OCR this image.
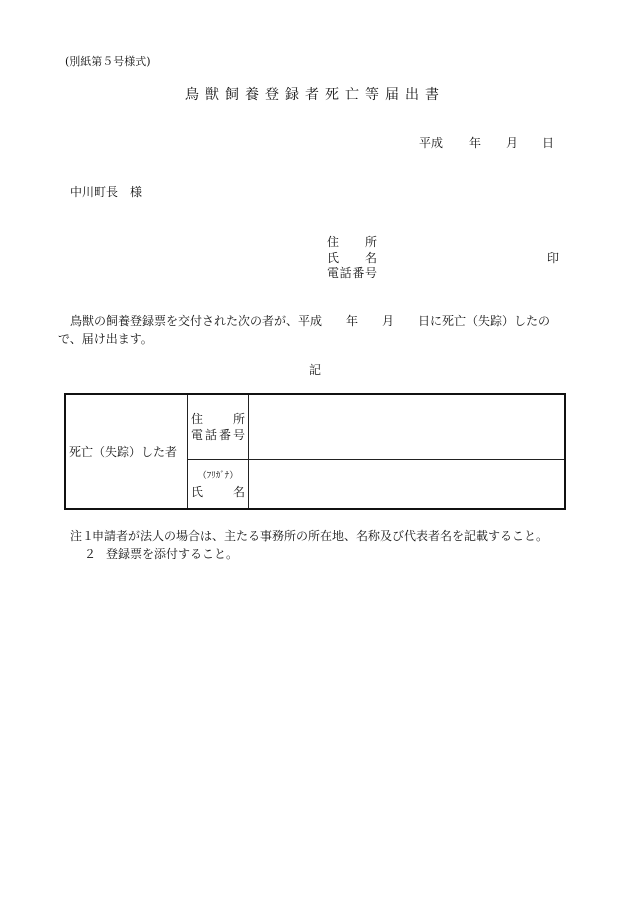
(別紙第５号様式)
鳥獣飼養登録者死亡等届出書
平成 年 月 日
中川町長　様
住所
氏名
電話番号
印
鳥獣の飼養登録票を交付された次の者が、平成　　年　　月　　日に死亡（失踪）したの
で、届け出ます。
記
死亡（失踪）した者	住所
電話番号	

	（ﾌﾘｶﾞﾅ）
氏名	

注１申請者が法人の場合は、主たる事務所の所在地、名称及び代表者名を記載すること。
２ 登録票を添付すること。
